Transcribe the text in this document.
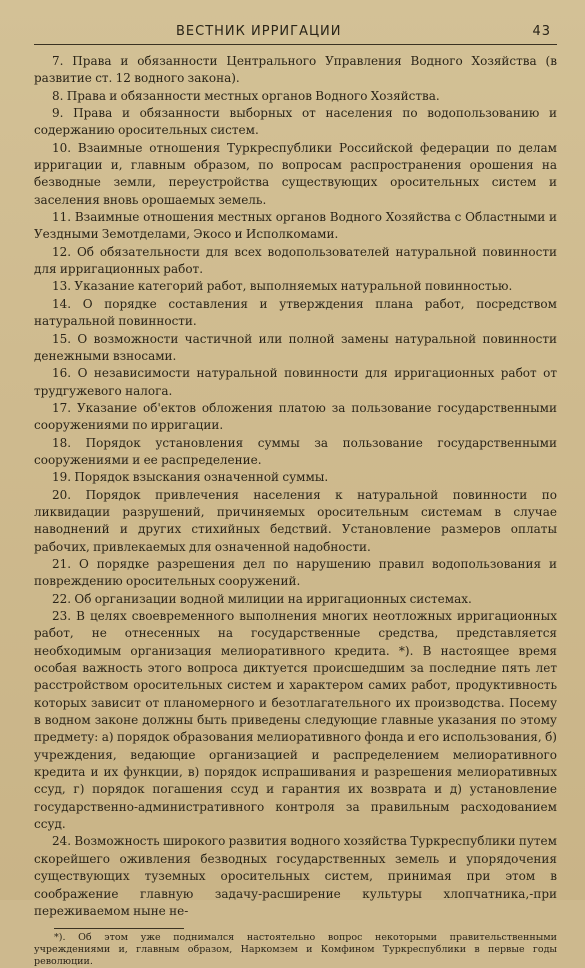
ВЕСТНИК ИРРИГАЦИИ	43

7. Права и обязанности Центрального Управления Водного Хозяйства (в развитие ст. 12 водного закона).

8. Права и обязанности местных органов Водного Хозяйства.

9. Права и обязанности выборных от населения по водопользованию и содержанию оросительных систем.

10. Взаимные отношения Туркреспублики Российской федерации по делам ирригации и, главным образом, по вопросам распространения орошения на безводные земли, переустройства существующих оросительных систем и заселения вновь орошаемых земель.

11. Взаимные отношения местных органов Водного Хозяйства с Областными и Уездными Земотделами, Экосо и Исполкомами.

12. Об обязательности для всех водопользователей натуральной повинности для ирригационных работ.

13. Указание категорий работ, выполняемых натуральной повинностью.

14. О порядке составления и утверждения плана работ, посредством натуральной повинности.

15. О возможности частичной или полной замены натуральной повинности денежными взносами.

16. О независимости натуральной повинности для ирригационных работ от трудгужевого налога.

17. Указание об'ектов обложения платою за пользование государственными сооружениями по ирригации.

18. Порядок установления суммы за пользование государственными сооружениями и ее распределение.

19. Порядок взыскания означенной суммы.

20. Порядок привлечения населения к натуральной повинности по ликвидации разрушений, причиняемых оросительным системам в случае наводнений и других стихийных бедствий. Установление размеров оплаты рабочих, привлекаемых для означенной надобности.

21. О порядке разрешения дел по нарушению правил водопользования и повреждению оросительных сооружений.

22. Об организации водной милиции на ирригационных системах.

23. В целях своевременного выполнения многих неотложных ирригационных работ, не отнесенных на государственные средства, представляется необходимым организация мелиоративного кредита. *). В настоящее время особая важность этого вопроса диктуется происшедшим за последние пять лет расстройством оросительных систем и характером самих работ, продуктивность которых зависит от планомерного и безотлагательного их производства. Посему в водном законе должны быть приведены следующие главные указания по этому предмету: а) порядок образования мелиоративного фонда и его использования, б) учреждения, ведающие организацией и распределением мелиоративного кредита и их функции, в) порядок испрашивания и разрешения мелиоративных ссуд, г) порядок погашения ссуд и гарантия их возврата и д) установление государственно-административного контроля за правильным расходованием ссуд.

24. Возможность широкого развития водного хозяйства Туркреспублики путем скорейшего оживления безводных государственных земель и упорядочения существующих туземных оросительных систем, принимая при этом в соображение главную задачу-расширение культуры хлопчатника,-при переживаемом ныне не-

*). Об этом уже поднимался настоятельно вопрос некоторыми правительственными учреждениями и, главным образом, Наркомзем и Комфином Туркреспублики в первые годы революции.
